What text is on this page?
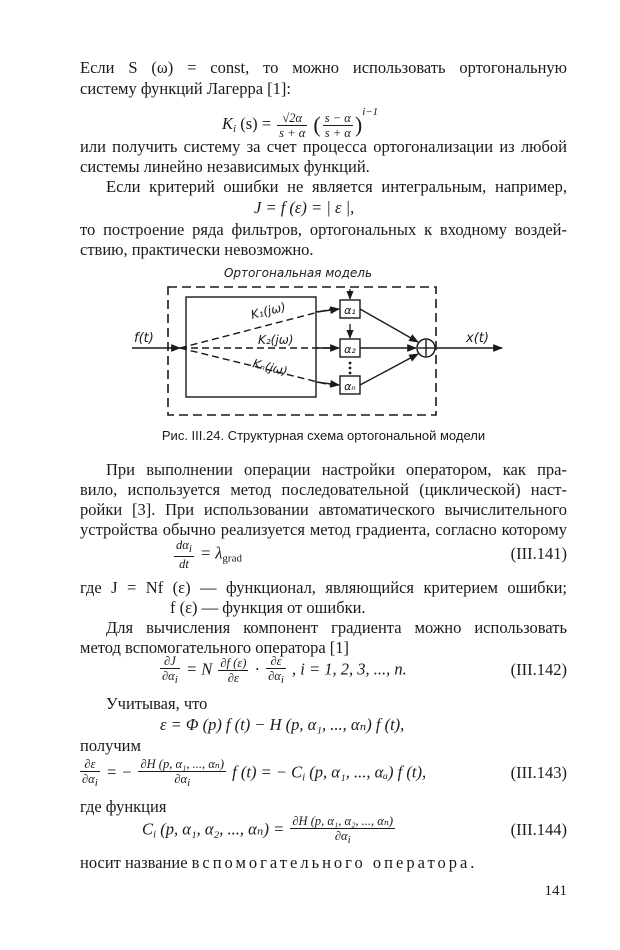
Если S (ω) = const, то можно использовать ортогональную
систему функций Лагерра [1]:
$K_i$ $(s) = \frac{√2\alpha}{s + \alpha}$ ( $\frac{s - \alpha}{s + \alpha} )^{i-1}$
или получить систему за счет процесса ортогонализации из любой
системы линейно независимых функций.
Если критерий ошибки не является интегральным, например,
J = f (ε) = | ε |,
то построение ряда фильтров, ортогональных к входному воздей-
ствию, практически невозможно.
Ортогональная модель
f(t)
K₁(jω)
K₂(jω)
Kₙ(jω)
α₁
α₂
αₙ
x(t)
Рис. III.24. Структурная схема ортогональной модели
При выполнении операции настройки оператором, как пра-
вило, используется метод последовательной (циклической) наст-
ройки [3]. При использовании автоматического вычислительного
устройства обычно реализуется метод градиента, согласно которому
$\frac{\text{dαi}}{dt} = \lambda_{grad}$	(III.141)
где J = Nf (ε) — функционал, являющийся критерием ошибки;
f (ε) — функция от ошибки.
Для вычисления компонент градиента можно использовать
метод вспомогательного оператора [1]
$\frac{\partial J}{\partial\alpha i} = N \frac{\partial f (\varepsilon)}{\partial\varepsilon} \cdot \frac{\partial\varepsilon}{\partial\alpha i}$ , i = 1, 2, 3, ..., n.	(III.142)
Учитывая, что
ε = Φ (p) f (t) − H (p, α₁, ..., αₙ) f (t),
получим
$\frac{\partial\varepsilon}{\partial\alpha i}$ = − $\frac{\text{∂H (p, α₁, ..., αₙ)}}{\partial\alpha i}$ f (t) = − $C_i$ (p, α₁, ..., αₐ) f (t),	(III.143)
где функция
$C_i$ (p, α₁, α₂, ..., $\alpha_n) = \frac{\text{∂H (p, α₁, α₂, ..., αₙ)}}{\partial\alpha i}$	(III.144)
носит название вспомогательного оператора.
141
